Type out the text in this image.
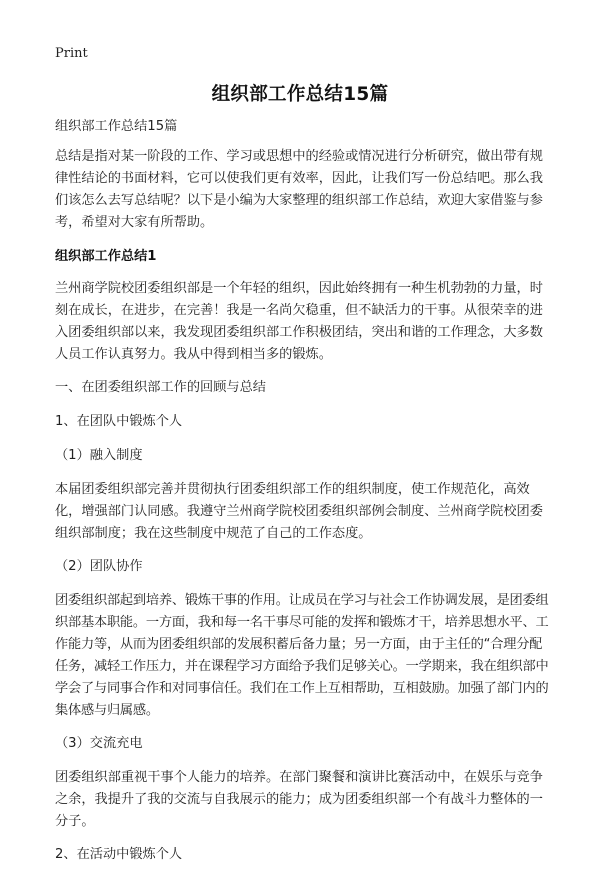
Print
组织部工作总结15篇

组织部工作总结15篇

总结是指对某一阶段的工作、学习或思想中的经验或情况进行分析研究，做出带有规律性结论的书面材料，它可以使我们更有效率，因此，让我们写一份总结吧。那么我们该怎么去写总结呢？以下是小编为大家整理的组织部工作总结，欢迎大家借鉴与参考，希望对大家有所帮助。

组织部工作总结1

兰州商学院校团委组织部是一个年轻的组织，因此始终拥有一种生机勃勃的力量，时刻在成长，在进步，在完善！我是一名尚欠稳重，但不缺活力的干事。从很荣幸的进入团委组织部以来，我发现团委组织部工作积极团结，突出和谐的工作理念，大多数人员工作认真努力。我从中得到相当多的锻炼。

一、在团委组织部工作的回顾与总结

1、在团队中锻炼个人

（1）融入制度

本届团委组织部完善并贯彻执行团委组织部工作的组织制度，使工作规范化，高效化，增强部门认同感。我遵守兰州商学院校团委组织部例会制度、兰州商学院校团委组织部制度；我在这些制度中规范了自己的工作态度。

（2）团队协作

团委组织部起到培养、锻炼干事的作用。让成员在学习与社会工作协调发展，是团委组织部基本职能。一方面，我和每一名干事尽可能的发挥和锻炼才干，培养思想水平、工作能力等，从而为团委组织部的发展积蓄后备力量；另一方面，由于主任的“合理分配任务，减轻工作压力，并在课程学习方面给予我们足够关心。一学期来，我在组织部中学会了与同事合作和对同事信任。我们在工作上互相帮助，互相鼓励。加强了部门内的集体感与归属感。

（3）交流充电

团委组织部重视干事个人能力的培养。在部门聚餐和演讲比赛活动中，在娱乐与竞争之余，我提升了我的交流与自我展示的能力；成为团委组织部一个有战斗力整体的一分子。

2、在活动中锻炼个人
